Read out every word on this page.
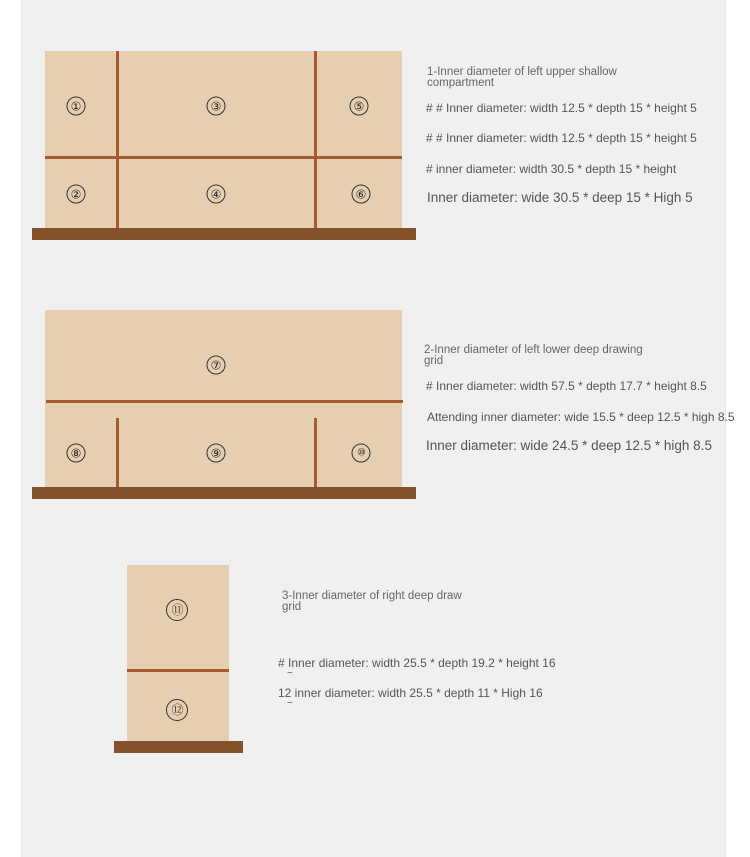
①
②
③
④
⑤
⑥
1-Inner diameter of left upper shallow compartment
# # Inner diameter: width 12.5 * depth 15 * height 5
# # Inner diameter: width 12.5 * depth 15 * height 5
# inner diameter: width 30.5 * depth 15 * height
Inner diameter: wide 30.5 * deep 15 * High 5
⑦
⑧	⑨	⑩
2-Inner diameter of left lower deep drawing grid
# Inner diameter: width 57.5 * depth 17.7 * height 8.5
Attending inner diameter: wide 15.5 * deep 12.5 * high 8.5
Inner diameter: wide 24.5 * deep 12.5 * high 8.5
⑪
⑫
3-Inner diameter of right deep draw grid
# Inner diameter: width 25.5 * depth 19.2 * height 16
~
12 inner diameter: width 25.5 * depth 11 * High 16
~
